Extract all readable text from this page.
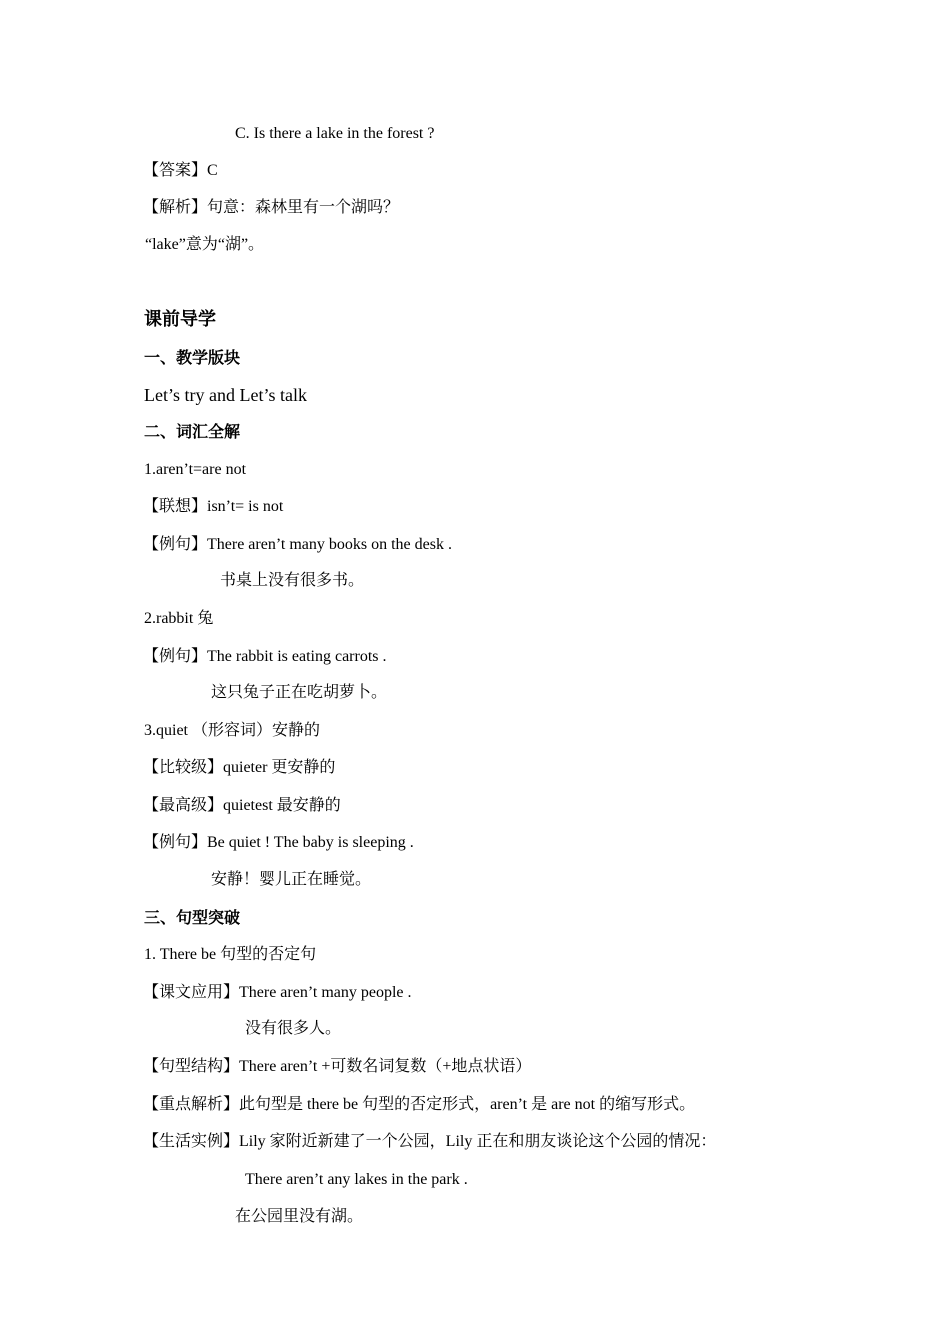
C. Is there a lake in the forest ?
【答案】C
【解析】句意：森林里有一个湖吗？
“lake”意为“湖”。
课前导学
一、教学版块
Let’s try and Let’s talk
二、词汇全解
1.aren’t=are not
【联想】isn’t= is not
【例句】There aren’t many books on the desk .
书桌上没有很多书。
2.rabbit 兔
【例句】The rabbit is eating carrots .
这只兔子正在吃胡萝卜。
3.quiet （形容词）安静的
【比较级】quieter 更安静的
【最高级】quietest 最安静的
【例句】Be quiet ! The baby is sleeping .
安静！婴儿正在睡觉。
三、句型突破
1. There be 句型的否定句
【课文应用】There aren’t many people .
没有很多人。
【句型结构】There aren’t +可数名词复数（+地点状语）
【重点解析】此句型是 there be 句型的否定形式，aren’t 是 are not 的缩写形式。
【生活实例】Lily 家附近新建了一个公园，Lily 正在和朋友谈论这个公园的情况：
There aren’t any lakes in the park .
在公园里没有湖。
